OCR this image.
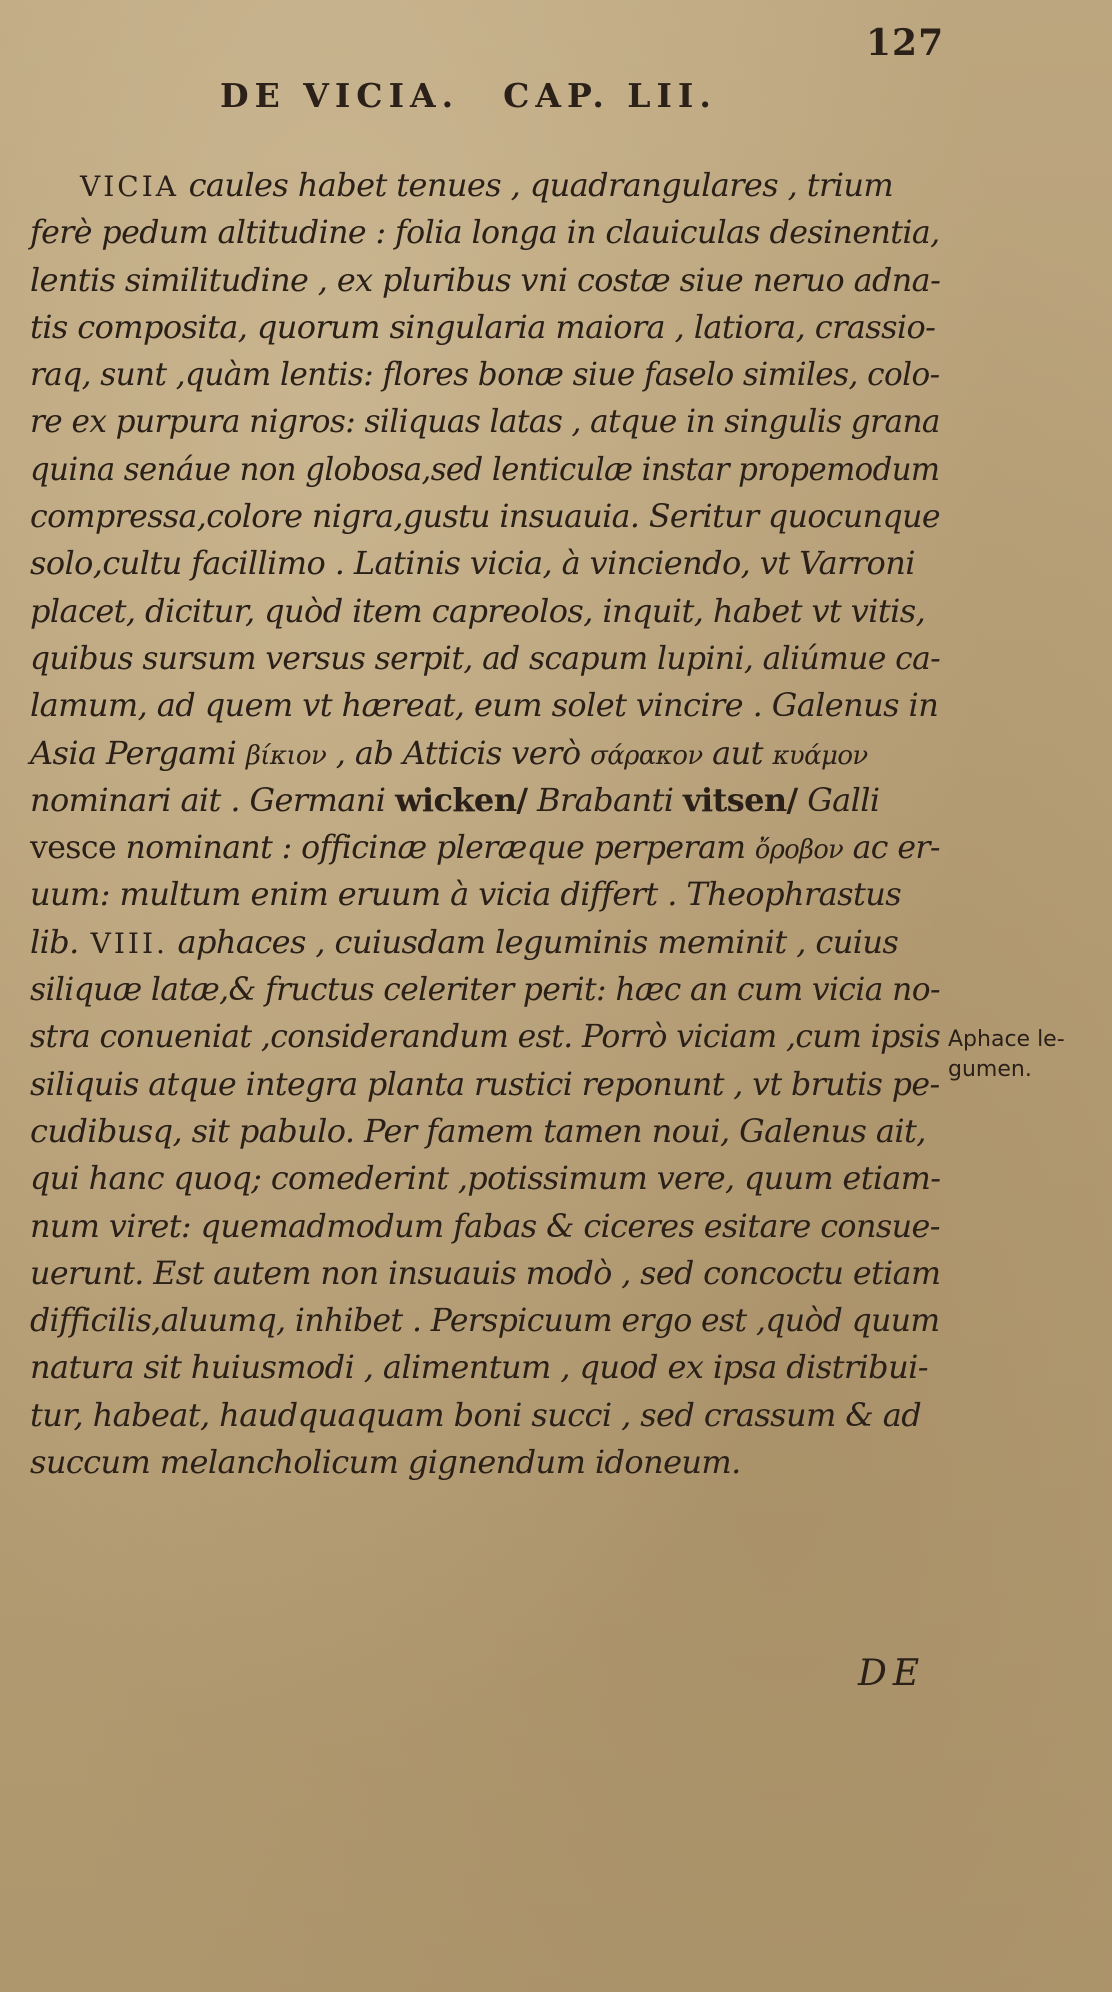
127
DE VICIA. CAP. LII.
VICIA caules habet tenues , quadrangulares , trium
ferè pedum altitudine : folia longa in clauiculas desinentia,
lentis similitudine , ex pluribus vni costæ siue neruo adna-
tis composita, quorum singularia maiora , latiora, crassio-
raq, sunt ,quàm lentis: flores bonæ siue faselo similes, colo-
re ex purpura nigros: siliquas latas , atque in singulis grana
quina senáue non globosa,sed lenticulæ instar propemodum
compressa,colore nigra,gustu insuauia. Seritur quocunque
solo,cultu facillimo . Latinis vicia, à vinciendo, vt Varroni
placet, dicitur, quòd item capreolos, inquit, habet vt vitis,
quibus sursum versus serpit, ad scapum lupini, aliúmue ca-
lamum, ad quem vt hæreat, eum solet vincire . Galenus in
Asia Pergami βίκιον , ab Atticis verò σάρακον aut κυάμον
nominari ait . Germani wicken/ Brabanti vitsen/ Galli
vesce nominant : officinæ pleræque perperam ὄροβον ac er-
uum: multum enim eruum à vicia differt . Theophrastus
lib. VIII. aphaces , cuiusdam leguminis meminit , cuius
siliquæ latæ,& fructus celeriter perit: hæc an cum vicia no-
stra conueniat ,considerandum est. Porrò viciam ,cum ipsis
siliquis atque integra planta rustici reponunt , vt brutis pe-
cudibusq, sit pabulo. Per famem tamen noui, Galenus ait,
qui hanc quoq; comederint ,potissimum vere, quum etiam-
num viret: quemadmodum fabas & ciceres esitare consue-
uerunt. Est autem non insuauis modò , sed concoctu etiam
difficilis,aluumq, inhibet . Perspicuum ergo est ,quòd quum
natura sit huiusmodi , alimentum , quod ex ipsa distribui-
tur, habeat, haudquaquam boni succi , sed crassum & ad
succum melancholicum gignendum idoneum.
Aphace le-
gumen.
DE
